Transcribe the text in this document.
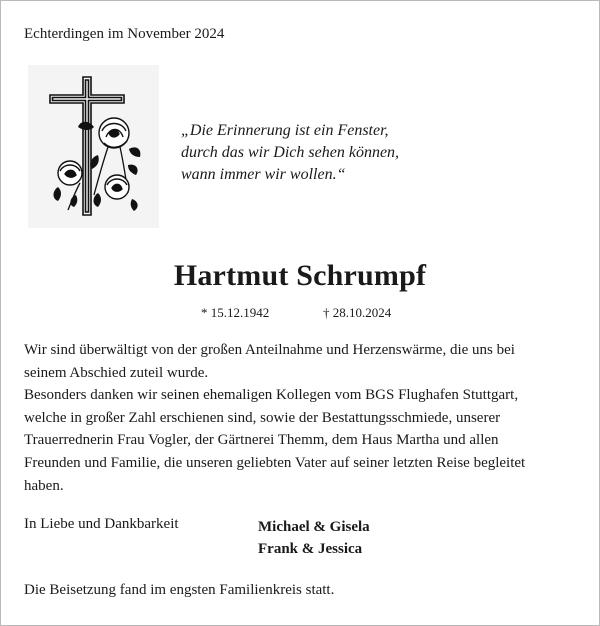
Echterdingen im November 2024
„Die Erinnerung ist ein Fenster,
durch das wir Dich sehen können,
wann immer wir wollen.“
Hartmut Schrumpf
* 15.12.1942	† 28.10.2024
Wir sind überwältigt von der großen Anteilnahme und Herzenswärme, die uns bei
seinem Abschied zuteil wurde.
Besonders danken wir seinen ehemaligen Kollegen vom BGS Flughafen Stuttgart,
welche in großer Zahl erschienen sind, sowie der Bestattungsschmiede, unserer
Trauerrednerin Frau Vogler, der Gärtnerei Themm, dem Haus Martha und allen
Freunden und Familie, die unseren geliebten Vater auf seiner letzten Reise begleitet
haben.
In Liebe und Dankbarkeit	Michael & Gisela
Frank & Jessica
Die Beisetzung fand im engsten Familienkreis statt.
